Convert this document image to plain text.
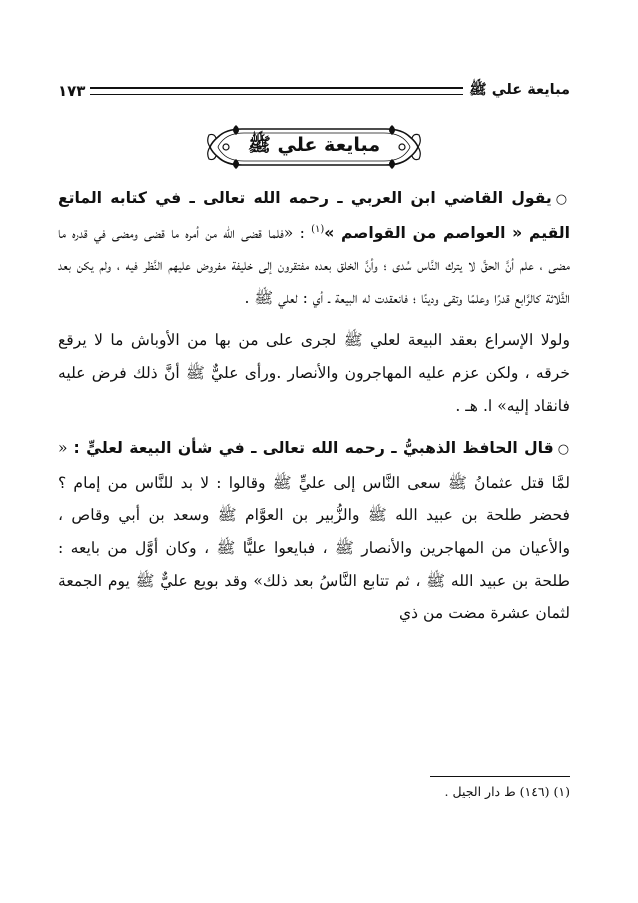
مبايعة علي ﷺ
١٧٣
مبايعة علي ﷺ

○يقول القاضي ابن العربي ـ رحمه الله تعالى ـ في كتابه الماتع القيم « العواصم من القواصم »$^{(١)}$ : «فلما قضى الله من أمره ما قضى ومضى في قدره ما مضى ، علم أنَّ الحقَّ لا يترك النَّاس سُدى ؛ وأنَّ الخلق بعده مفتقرون إلى خليفة مفروض عليهم النَّظر فيه ، ولم يكن بعد الثَّلاثة كالرَّابع قدرًا وعلمًا وتقى ودينًا ؛ فانعقدت له البيعة ـ أي : لعلي ﷺ .

ولولا الإسراع بعقد البيعة لعلي ﷺ لجرى على من بها من الأوباش ما لا يرقع خرقه ، ولكن عزم عليه المهاجرون والأنصار .ورأى عليٌّ ﷺ أنَّ ذلك فرض عليه فانقاد إليه» ا. هـ .

○قال الحافظ الذهبيُّ ـ رحمه الله تعالى ـ في شأن البيعة لعليٍّ : « لمَّا قتل عثمانُ ﷺ سعى النَّاس إلى عليٍّ ﷺ وقالوا : لا بد للنَّاس من إمام ؟ فحضر طلحة بن عبيد الله ﷺ والزُّبير بن العوَّام ﷺ وسعد بن أبي وقاص ، والأعيان من المهاجرين والأنصار ﷺ ، فبايعوا عليًّا ﷺ ، وكان أوَّل من بايعه : طلحة بن عبيد الله ﷺ ، ثم تتابع النَّاسُ بعد ذلك» وقد بويع عليٌّ ﷺ يوم الجمعة لثمان عشرة مضت من ذي

(١) (١٤٦) ط دار الجيل .
